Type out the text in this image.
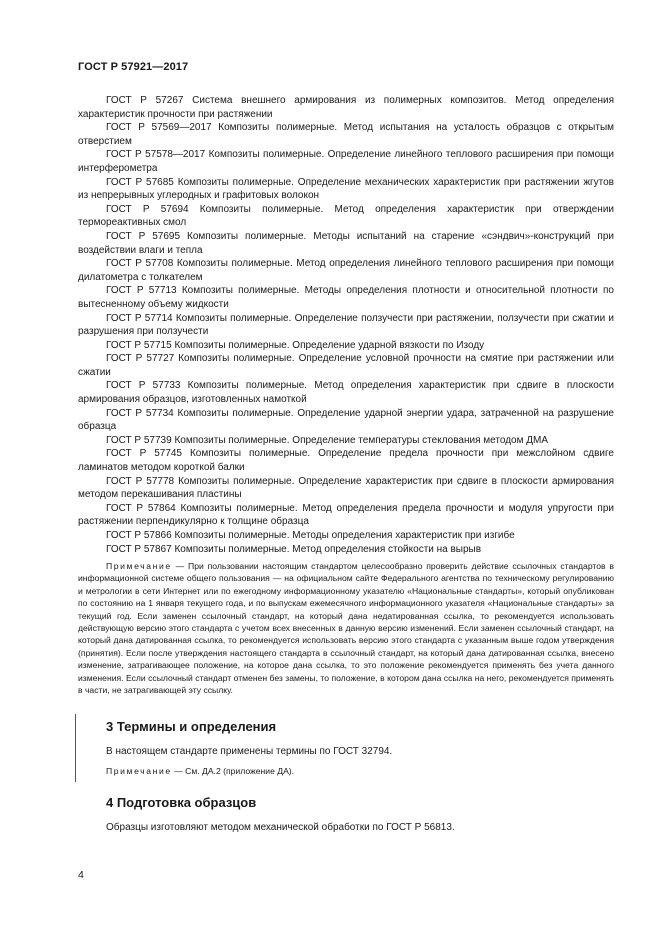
ГОСТ Р 57921—2017

ГОСТ Р 57267 Система внешнего армирования из полимерных композитов. Метод определения характеристик прочности при растяжении

ГОСТ Р 57569—2017 Композиты полимерные. Метод испытания на усталость образцов с открытым отверстием

ГОСТ Р 57578—2017 Композиты полимерные. Определение линейного теплового расширения при помощи интерферометра

ГОСТ Р 57685 Композиты полимерные. Определение механических характеристик при растяжении жгутов из непрерывных углеродных и графитовых волокон

ГОСТ Р 57694 Композиты полимерные. Метод определения характеристик при отверждении термореактивных смол

ГОСТ Р 57695 Композиты полимерные. Методы испытаний на старение «сэндвич»-конструкций при воздействии влаги и тепла

ГОСТ Р 57708 Композиты полимерные. Метод определения линейного теплового расширения при помощи дилатометра с толкателем

ГОСТ Р 57713 Композиты полимерные. Методы определения плотности и относительной плотности по вытесненному объему жидкости

ГОСТ Р 57714 Композиты полимерные. Определение ползучести при растяжении, ползучести при сжатии и разрушения при ползучести

ГОСТ Р 57715 Композиты полимерные. Определение ударной вязкости по Изоду

ГОСТ Р 57727 Композиты полимерные. Определение условной прочности на смятие при растяжении или сжатии

ГОСТ Р 57733 Композиты полимерные. Метод определения характеристик при сдвиге в плоскости армирования образцов, изготовленных намоткой

ГОСТ Р 57734 Композиты полимерные. Определение ударной энергии удара, затраченной на разрушение образца

ГОСТ Р 57739 Композиты полимерные. Определение температуры стеклования методом ДМА

ГОСТ Р 57745 Композиты полимерные. Определение предела прочности при межслойном сдвиге ламинатов методом короткой балки

ГОСТ Р 57778 Композиты полимерные. Определение характеристик при сдвиге в плоскости армирования методом перекашивания пластины

ГОСТ Р 57864 Композиты полимерные. Метод определения предела прочности и модуля упругости при растяжении перпендикулярно к толщине образца

ГОСТ Р 57866 Композиты полимерные. Методы определения характеристик при изгибе

ГОСТ Р 57867 Композиты полимерные. Метод определения стойкости на вырыв

Примечание — При пользовании настоящим стандартом целесообразно проверить действие ссылочных стандартов в информационной системе общего пользования — на официальном сайте Федерального агентства по техническому регулированию и метрологии в сети Интернет или по ежегодному информационному указателю «Национальные стандарты», который опубликован по состоянию на 1 января текущего года, и по выпускам ежемесячного информационного указателя «Национальные стандарты» за текущий год. Если заменен ссылочный стандарт, на который дана недатированная ссылка, то рекомендуется использовать действующую версию этого стандарта с учетом всех внесенных в данную версию изменений. Если заменен ссылочный стандарт, на который дана датированная ссылка, то рекомендуется использовать версию этого стандарта с указанным выше годом утверждения (принятия). Если после утверждения настоящего стандарта в ссылочный стандарт, на который дана датированная ссылка, внесено изменение, затрагивающее положение, на которое дана ссылка, то это положение рекомендуется применять без учета данного изменения. Если ссылочный стандарт отменен без замены, то положение, в котором дана ссылка на него, рекомендуется применять в части, не затрагивающей эту ссылку.

3 Термины и определения
В настоящем стандарте применены термины по ГОСТ 32794.
Примечание — См. ДА.2 (приложение ДА).
4 Подготовка образцов
Образцы изготовляют методом механической обработки по ГОСТ Р 56813.
4
